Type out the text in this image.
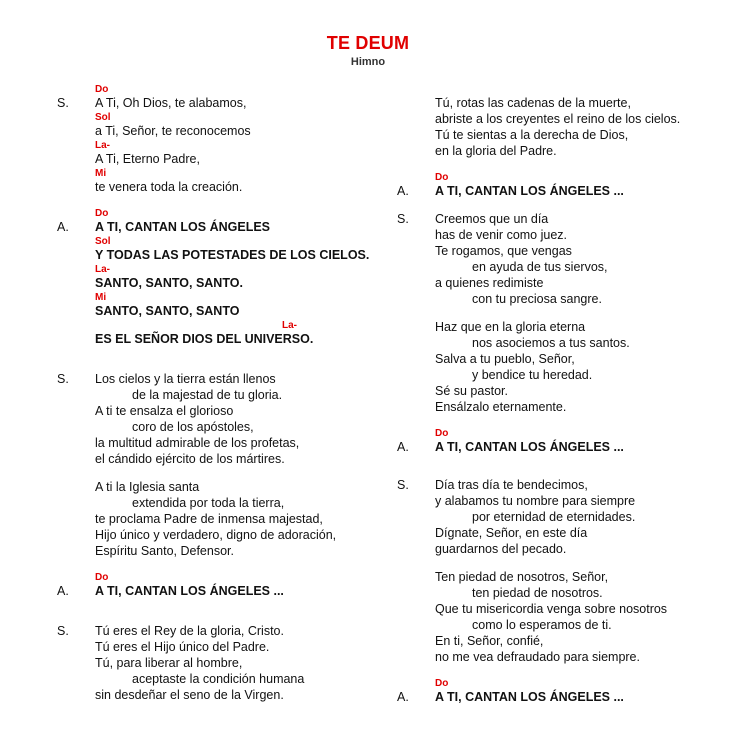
TE DEUM
Himno
Do
S. A Ti, Oh Dios, te alabamos,
Sol
a Ti, Señor, te reconocemos
La-
A Ti, Eterno Padre,
Mi
te venera toda la creación.
Do
A. A TI, CANTAN LOS ÁNGELES
Sol
Y TODAS LAS POTESTADES DE LOS CIELOS.
La-
SANTO, SANTO, SANTO.
Mi
SANTO, SANTO, SANTO
La-
ES EL SEÑOR DIOS DEL UNIVERSO.
S. Los cielos y la tierra están llenos
de la majestad de tu gloria.
A ti te ensalza el glorioso
coro de los apóstoles,
la multitud admirable de los profetas,
el cándido ejército de los mártires.
A ti la Iglesia santa
extendida por toda la tierra,
te proclama Padre de inmensa majestad,
Hijo único y verdadero, digno de adoración,
Espíritu Santo, Defensor.
Do
A. A TI, CANTAN LOS ÁNGELES ...
S. Tú eres el Rey de la gloria, Cristo.
Tú eres el Hijo único del Padre.
Tú, para liberar al hombre,
aceptaste la condición humana
sin desdeñar el seno de la Virgen.
Tú, rotas las cadenas de la muerte,
abriste a los creyentes el reino de los cielos.
Tú te sientas a la derecha de Dios,
en la gloria del Padre.
Do
A. A TI, CANTAN LOS ÁNGELES ...
S. Creemos que un día
has de venir como juez.
Te rogamos, que vengas
en ayuda de tus siervos,
a quienes redimiste
con tu preciosa sangre.
Haz que en la gloria eterna
nos asociemos a tus santos.
Salva a tu pueblo, Señor,
y bendice tu heredad.
Sé su pastor.
Ensálzalo eternamente.
Do
A. A TI, CANTAN LOS ÁNGELES ...
S. Día tras día te bendecimos,
y alabamos tu nombre para siempre
por eternidad de eternidades.
Dígnate, Señor, en este día
guardarnos del pecado.
Ten piedad de nosotros, Señor,
ten piedad de nosotros.
Que tu misericordia venga sobre nosotros
como lo esperamos de ti.
En ti, Señor, confié,
no me vea defraudado para siempre.
Do
A. A TI, CANTAN LOS ÁNGELES ...
